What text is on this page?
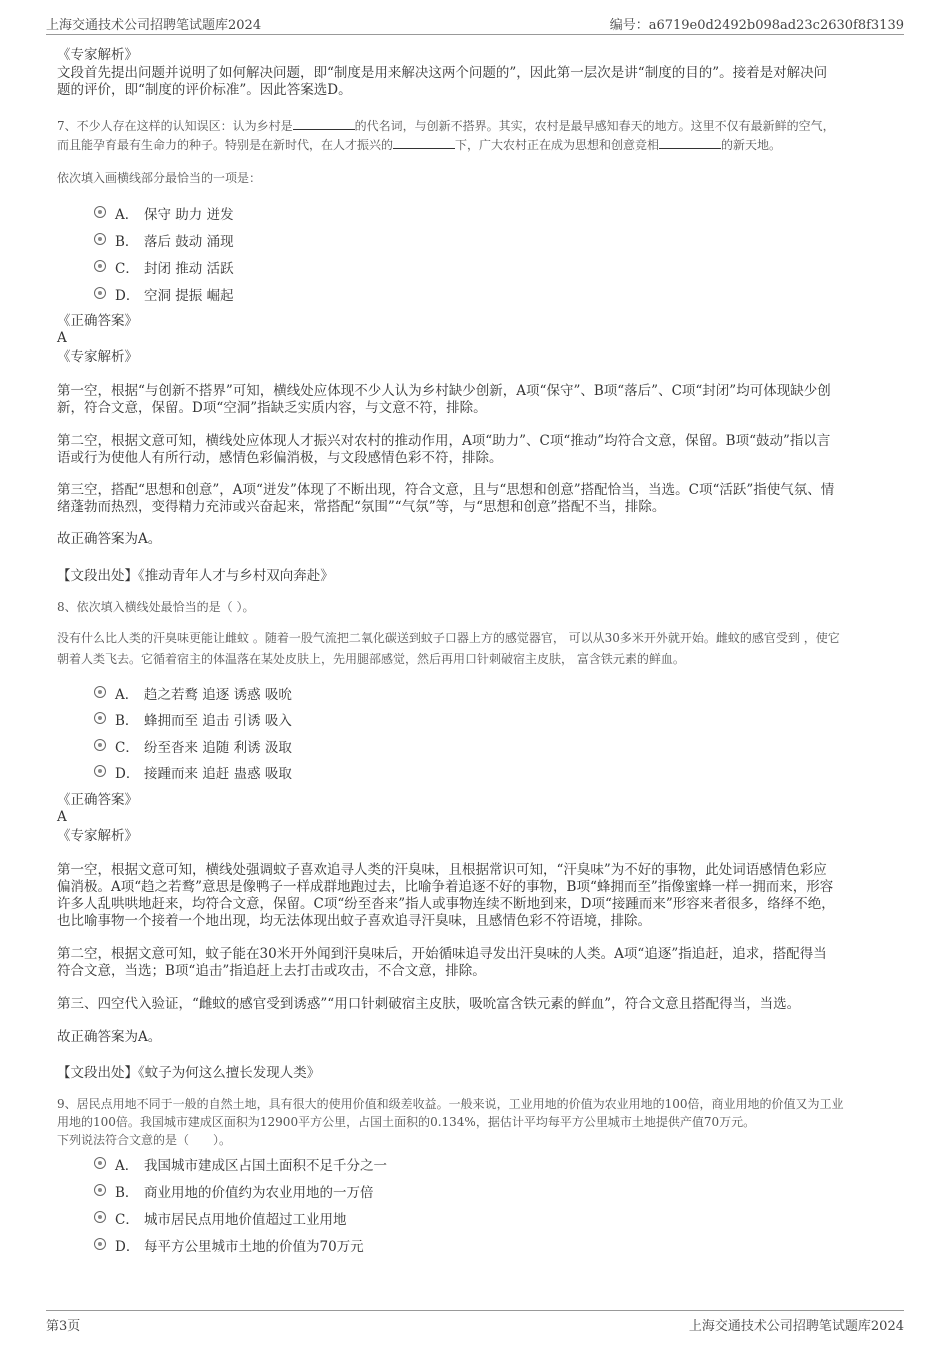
上海交通技术公司招聘笔试题库2024	编号：a6719e0d2492b098ad23c2630f8f3139
《专家解析》
文段首先提出问题并说明了如何解决问题，即“制度是用来解决这两个问题的”，因此第一层次是讲“制度的目的”。接着是对解决问
题的评价，即“制度的评价标准”。因此答案选D。
7、不少人存在这样的认知误区：认为乡村是	的代名词，与创新不搭界。其实，农村是最早感知春天的地方。这里不仅有最新鲜的空气，
而且能孕育最有生命力的种子。特别是在新时代，在人才振兴的	下，广大农村正在成为思想和创意竞相	的新天地。
依次填入画横线部分最恰当的一项是：
A． 保守 助力 迸发
B． 落后 鼓动 涌现
C． 封闭 推动 活跃
D． 空洞 提振 崛起
《正确答案》
A
《专家解析》
第一空，根据“与创新不搭界”可知，横线处应体现不少人认为乡村缺少创新，A项“保守”、B项“落后”、C项“封闭”均可体现缺少创
新，符合文意，保留。D项“空洞”指缺乏实质内容，与文意不符，排除。
第二空，根据文意可知，横线处应体现人才振兴对农村的推动作用，A项“助力”、C项“推动”均符合文意，保留。B项“鼓动”指以言
语或行为使他人有所行动，感情色彩偏消极，与文段感情色彩不符，排除。
第三空，搭配“思想和创意”，A项“迸发”体现了不断出现，符合文意，且与“思想和创意”搭配恰当，当选。C项“活跃”指使气氛、情
绪蓬勃而热烈，变得精力充沛或兴奋起来，常搭配“氛围”“气氛”等，与“思想和创意”搭配不当，排除。
故正确答案为A。
【文段出处】《推动青年人才与乡村双向奔赴》
8、依次填入横线处最恰当的是（ ）。
没有什么比人类的汗臭味更能让雌蚊 。随着一股气流把二氧化碳送到蚊子口器上方的感觉器官， 可以从30多米开外就开始。雌蚊的感官受到 ，使它
朝着人类飞去。它循着宿主的体温落在某处皮肤上，先用腿部感觉，然后再用口针刺破宿主皮肤， 富含铁元素的鲜血。
A． 趋之若鹜 追逐 诱惑 吸吮
B． 蜂拥而至 追击 引诱 吸入
C． 纷至沓来 追随 利诱 汲取
D． 接踵而来 追赶 蛊惑 吸取
《正确答案》
A
《专家解析》
第一空，根据文意可知，横线处强调蚊子喜欢追寻人类的汗臭味，且根据常识可知，“汗臭味”为不好的事物，此处词语感情色彩应
偏消极。A项“趋之若鹜”意思是像鸭子一样成群地跑过去，比喻争着追逐不好的事物，B项“蜂拥而至”指像蜜蜂一样一拥而来，形容
许多人乱哄哄地赶来，均符合文意，保留。C项“纷至沓来”指人或事物连续不断地到来，D项“接踵而来”形容来者很多，络绎不绝，
也比喻事物一个接着一个地出现，均无法体现出蚊子喜欢追寻汗臭味，且感情色彩不符语境，排除。
第二空，根据文意可知，蚊子能在30米开外闻到汗臭味后，开始循味追寻发出汗臭味的人类。A项“追逐”指追赶，追求，搭配得当
符合文意，当选；B项“追击”指追赶上去打击或攻击，不合文意，排除。
第三、四空代入验证，“雌蚊的感官受到诱惑”“用口针刺破宿主皮肤，吸吮富含铁元素的鲜血”，符合文意且搭配得当，当选。
故正确答案为A。
【文段出处】《蚊子为何这么擅长发现人类》
9、居民点用地不同于一般的自然土地，具有很大的使用价值和级差收益。一般来说，工业用地的价值为农业用地的100倍，商业用地的价值又为工业
用地的100倍。我国城市建成区面积为12900平方公里，占国土面积的0.134%，据估计平均每平方公里城市土地提供产值70万元。
下列说法符合文意的是（　　）。
A． 我国城市建成区占国土面积不足千分之一
B． 商业用地的价值约为农业用地的一万倍
C． 城市居民点用地价值超过工业用地
D． 每平方公里城市土地的价值为70万元
第3页	上海交通技术公司招聘笔试题库2024
